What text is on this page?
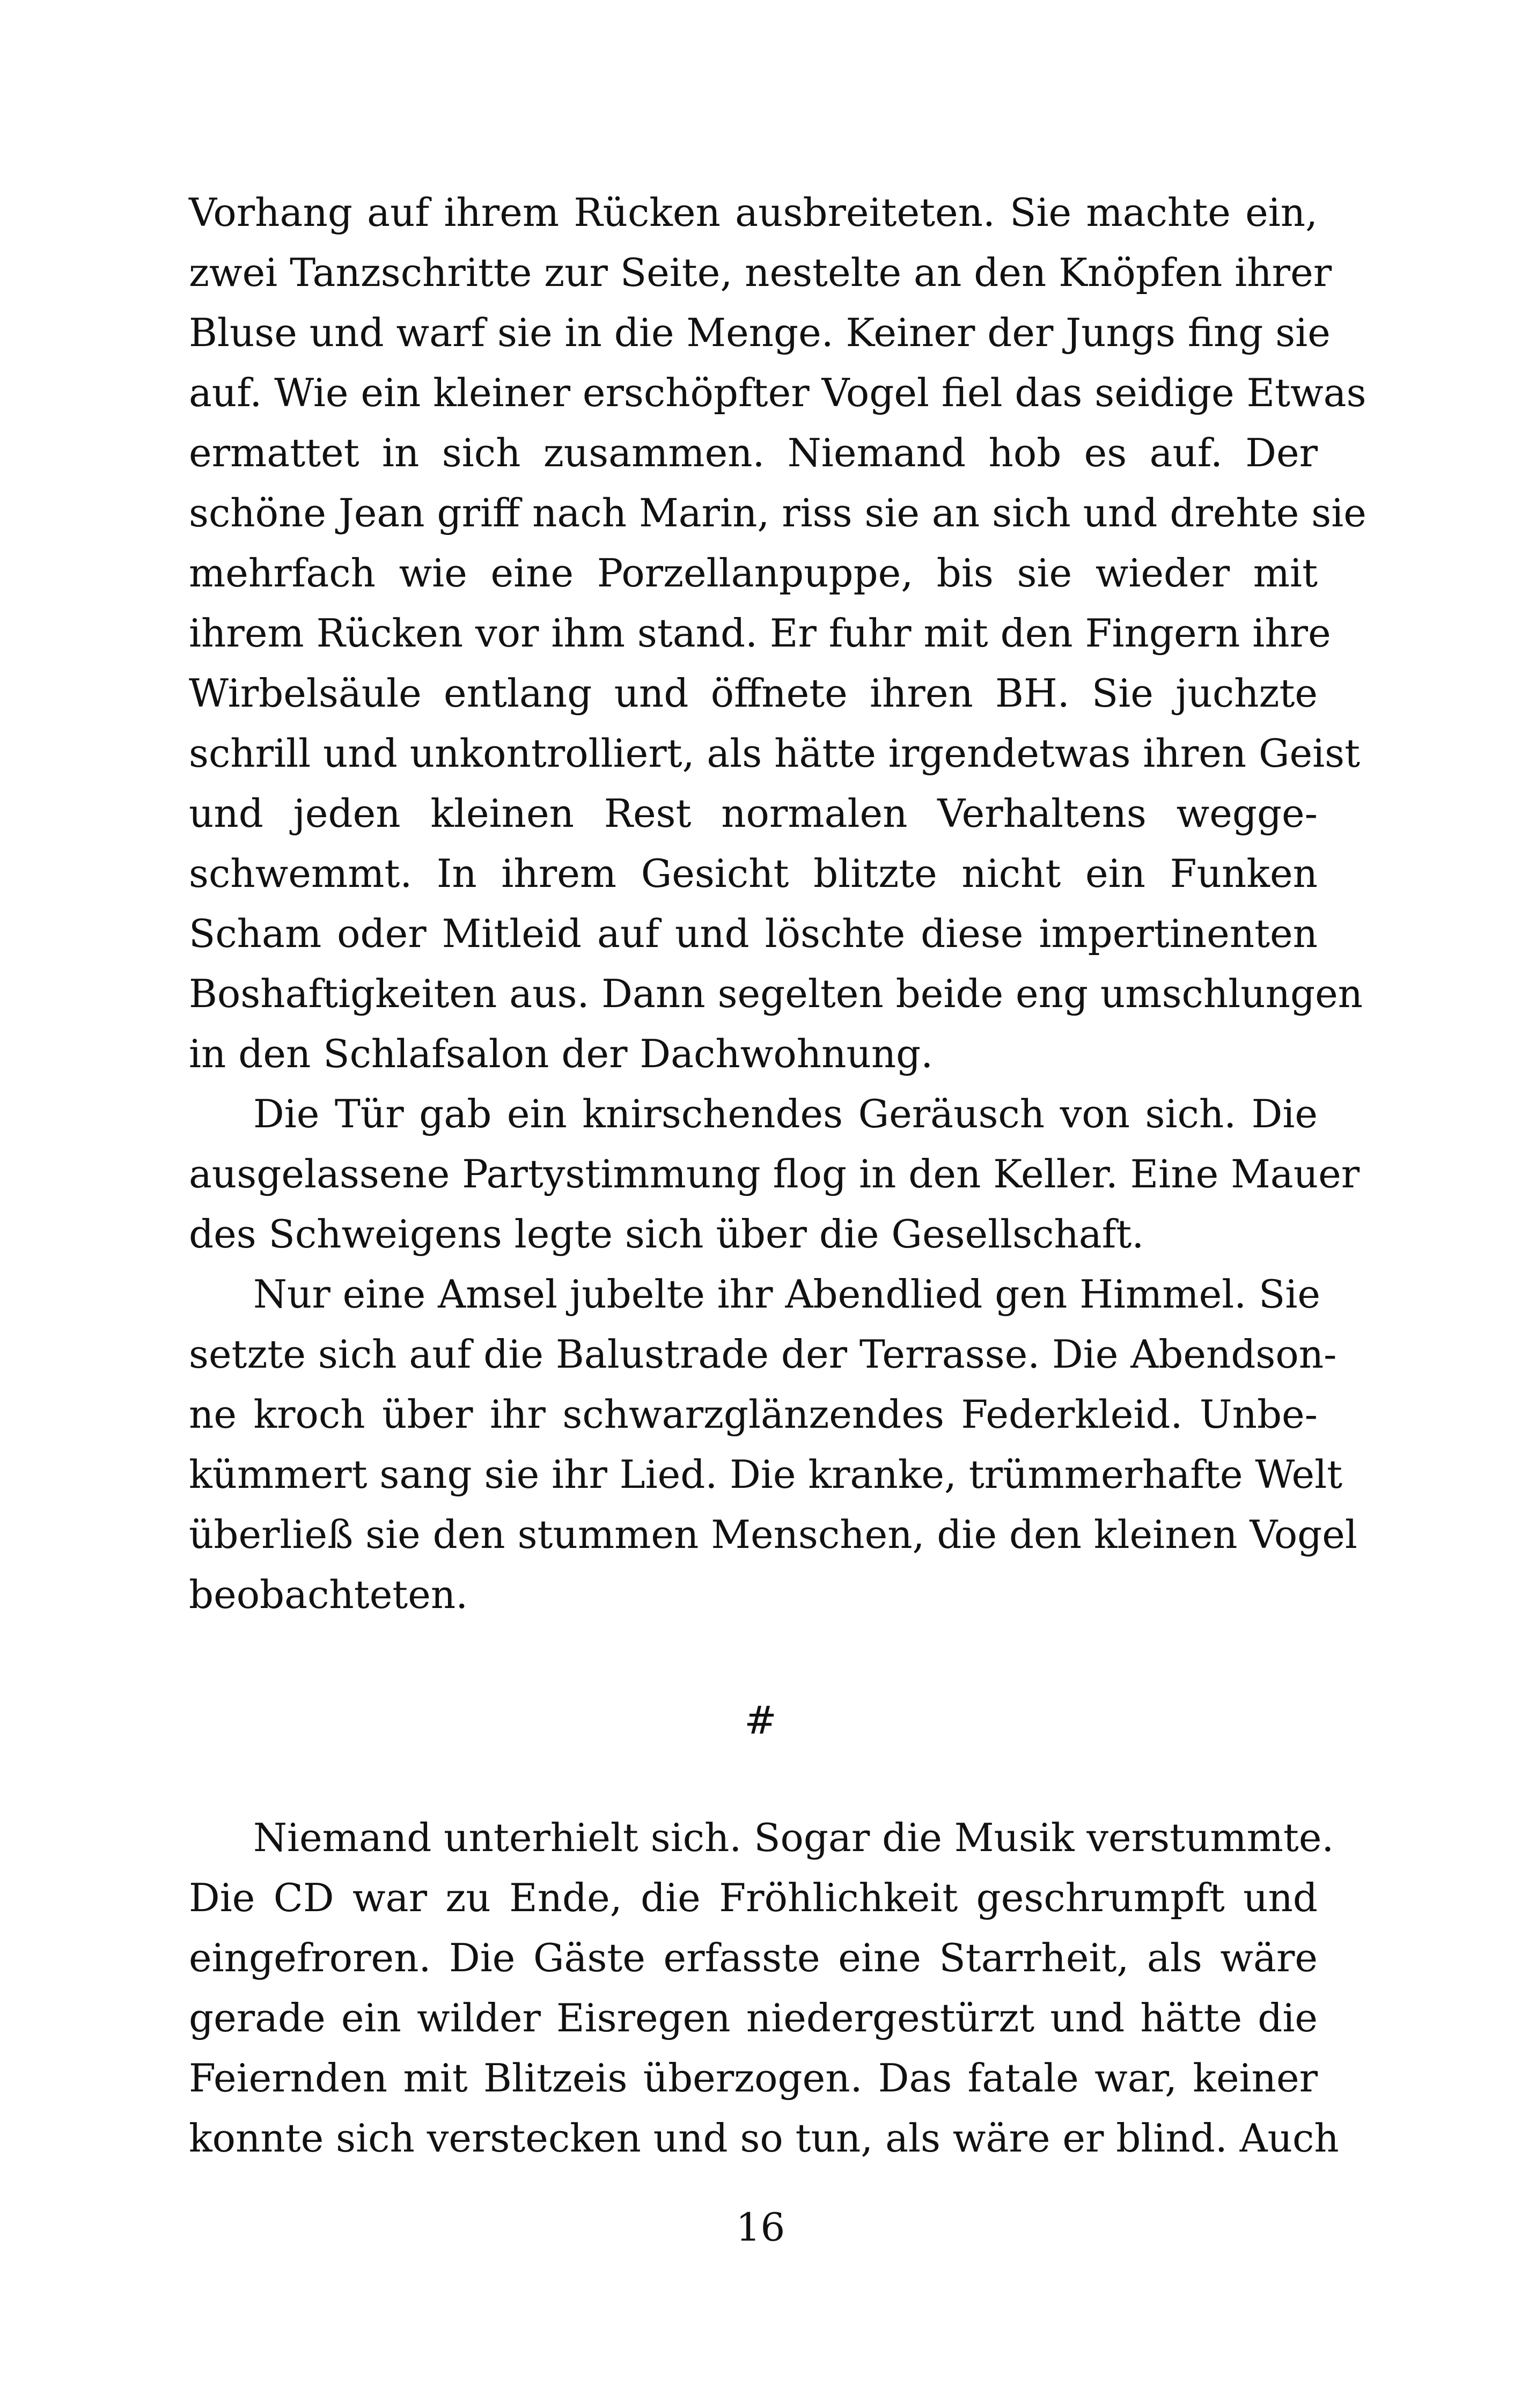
Vorhang auf ihrem Rücken ausbreiteten. Sie machte ein,
zwei Tanzschritte zur Seite, nestelte an den Knöpfen ihrer
Bluse und warf sie in die Menge. Keiner der Jungs fing sie
auf. Wie ein kleiner erschöpfter Vogel fiel das seidige Etwas
ermattet in sich zusammen. Niemand hob es auf. Der
schöne Jean griff nach Marin, riss sie an sich und drehte sie
mehrfach wie eine Porzellanpuppe, bis sie wieder mit
ihrem Rücken vor ihm stand. Er fuhr mit den Fingern ihre
Wirbelsäule entlang und öffnete ihren BH. Sie juchzte
schrill und unkontrolliert, als hätte irgendetwas ihren Geist
und jeden kleinen Rest normalen Verhaltens wegge-
schwemmt. In ihrem Gesicht blitzte nicht ein Funken
Scham oder Mitleid auf und löschte diese impertinenten
Boshaftigkeiten aus. Dann segelten beide eng umschlungen
in den Schlafsalon der Dachwohnung.
Die Tür gab ein knirschendes Geräusch von sich. Die
ausgelassene Partystimmung flog in den Keller. Eine Mauer
des Schweigens legte sich über die Gesellschaft.
Nur eine Amsel jubelte ihr Abendlied gen Himmel. Sie
setzte sich auf die Balustrade der Terrasse. Die Abendson-
ne kroch über ihr schwarzglänzendes Federkleid. Unbe-
kümmert sang sie ihr Lied. Die kranke, trümmerhafte Welt
überließ sie den stummen Menschen, die den kleinen Vogel
beobachteten.
#
Niemand unterhielt sich. Sogar die Musik verstummte.
Die CD war zu Ende, die Fröhlichkeit geschrumpft und
eingefroren. Die Gäste erfasste eine Starrheit, als wäre
gerade ein wilder Eisregen niedergestürzt und hätte die
Feiernden mit Blitzeis überzogen. Das fatale war, keiner
konnte sich verstecken und so tun, als wäre er blind. Auch
16
